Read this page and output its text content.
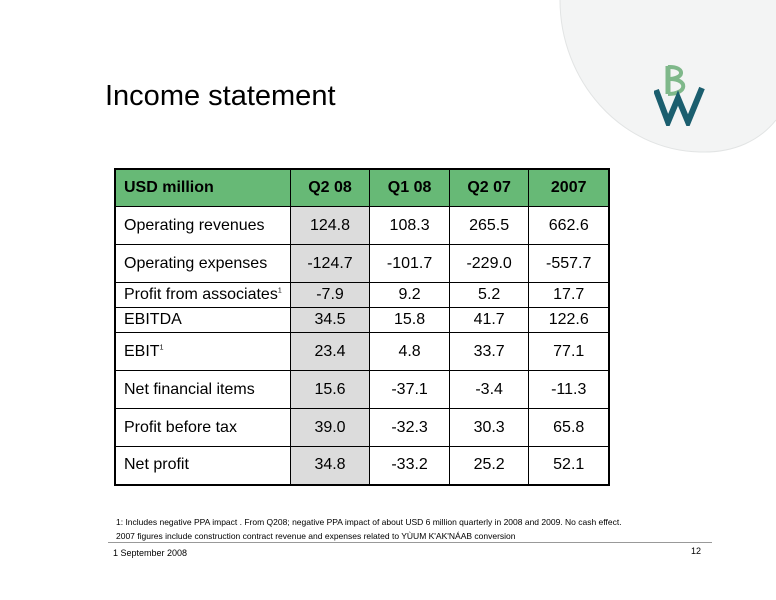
Income statement
USD million	Q2 08	Q1 08	Q2 07	2007
Operating revenues	124.8	108.3	265.5	662.6
Operating expenses	-124.7	-101.7	-229.0	-557.7
Profit from associates$^1$	-7.9	9.2	5.2	17.7
EBITDA	34.5	15.8	41.7	122.6
EBIT$^1$	23.4	4.8	33.7	77.1
Net financial items	15.6	-37.1	-3.4	-11.3
Profit before tax	39.0	-32.3	30.3	65.8
Net profit	34.8	-33.2	25.2	52.1
1: Includes negative PPA impact . From Q208; negative PPA impact of about USD 6 million quarterly in 2008 and 2009. No cash effect.
2007 figures include construction contract revenue and expenses related to YÙUM K'AK'NÁAB conversion
1 September 2008	12
